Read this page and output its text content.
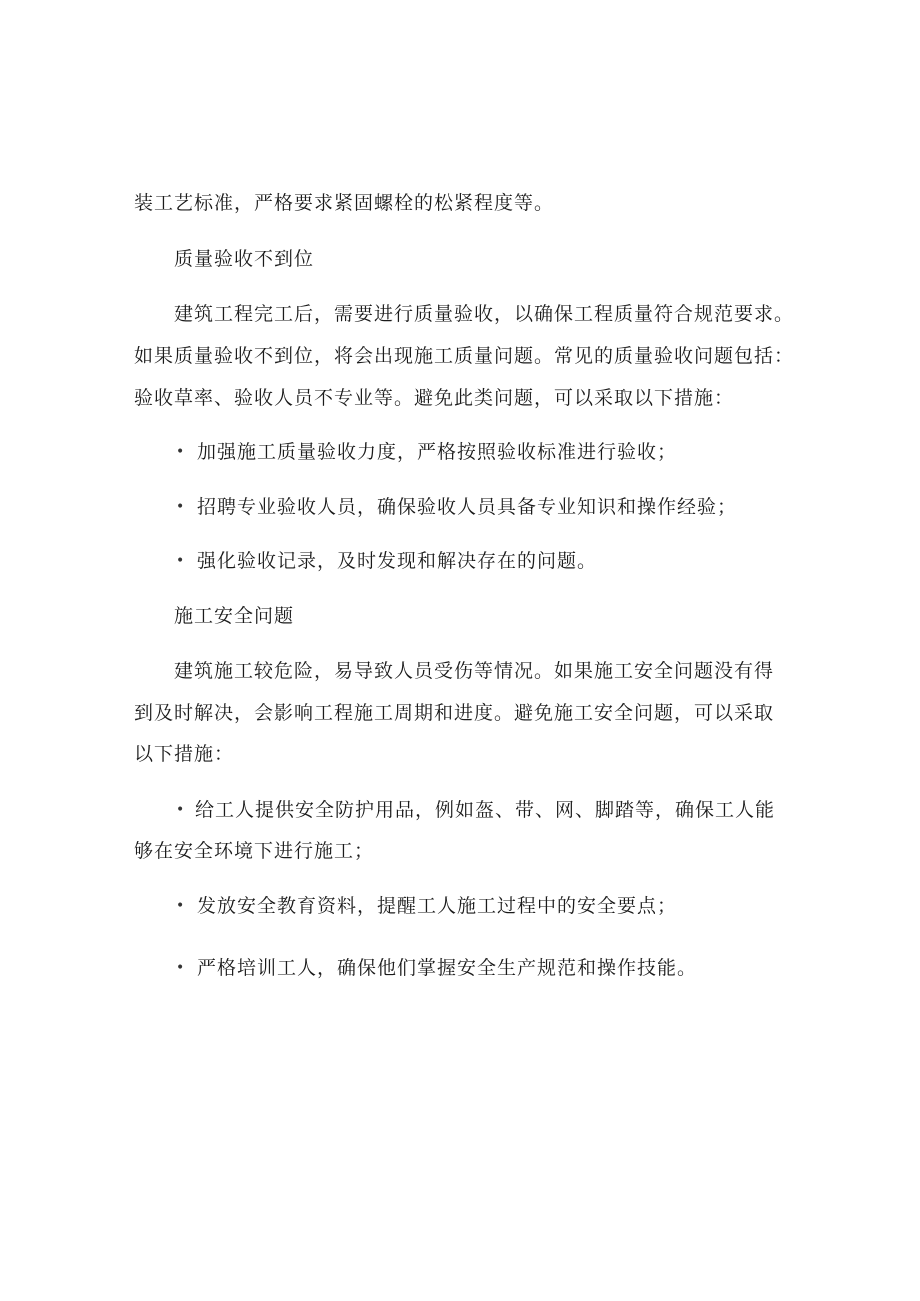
装工艺标准，严格要求紧固螺栓的松紧程度等。
质量验收不到位
建筑工程完工后，需要进行质量验收，以确保工程质量符合规范要求。
如果质量验收不到位，将会出现施工质量问题。常见的质量验收问题包括：
验收草率、验收人员不专业等。避免此类问题，可以采取以下措施：
• 加强施工质量验收力度，严格按照验收标准进行验收；
• 招聘专业验收人员，确保验收人员具备专业知识和操作经验；
• 强化验收记录，及时发现和解决存在的问题。
施工安全问题
建筑施工较危险，易导致人员受伤等情况。如果施工安全问题没有得
到及时解决，会影响工程施工周期和进度。避免施工安全问题，可以采取
以下措施：
• 给工人提供安全防护用品，例如盔、带、网、脚踏等，确保工人能
够在安全环境下进行施工；
• 发放安全教育资料，提醒工人施工过程中的安全要点；
• 严格培训工人，确保他们掌握安全生产规范和操作技能。
